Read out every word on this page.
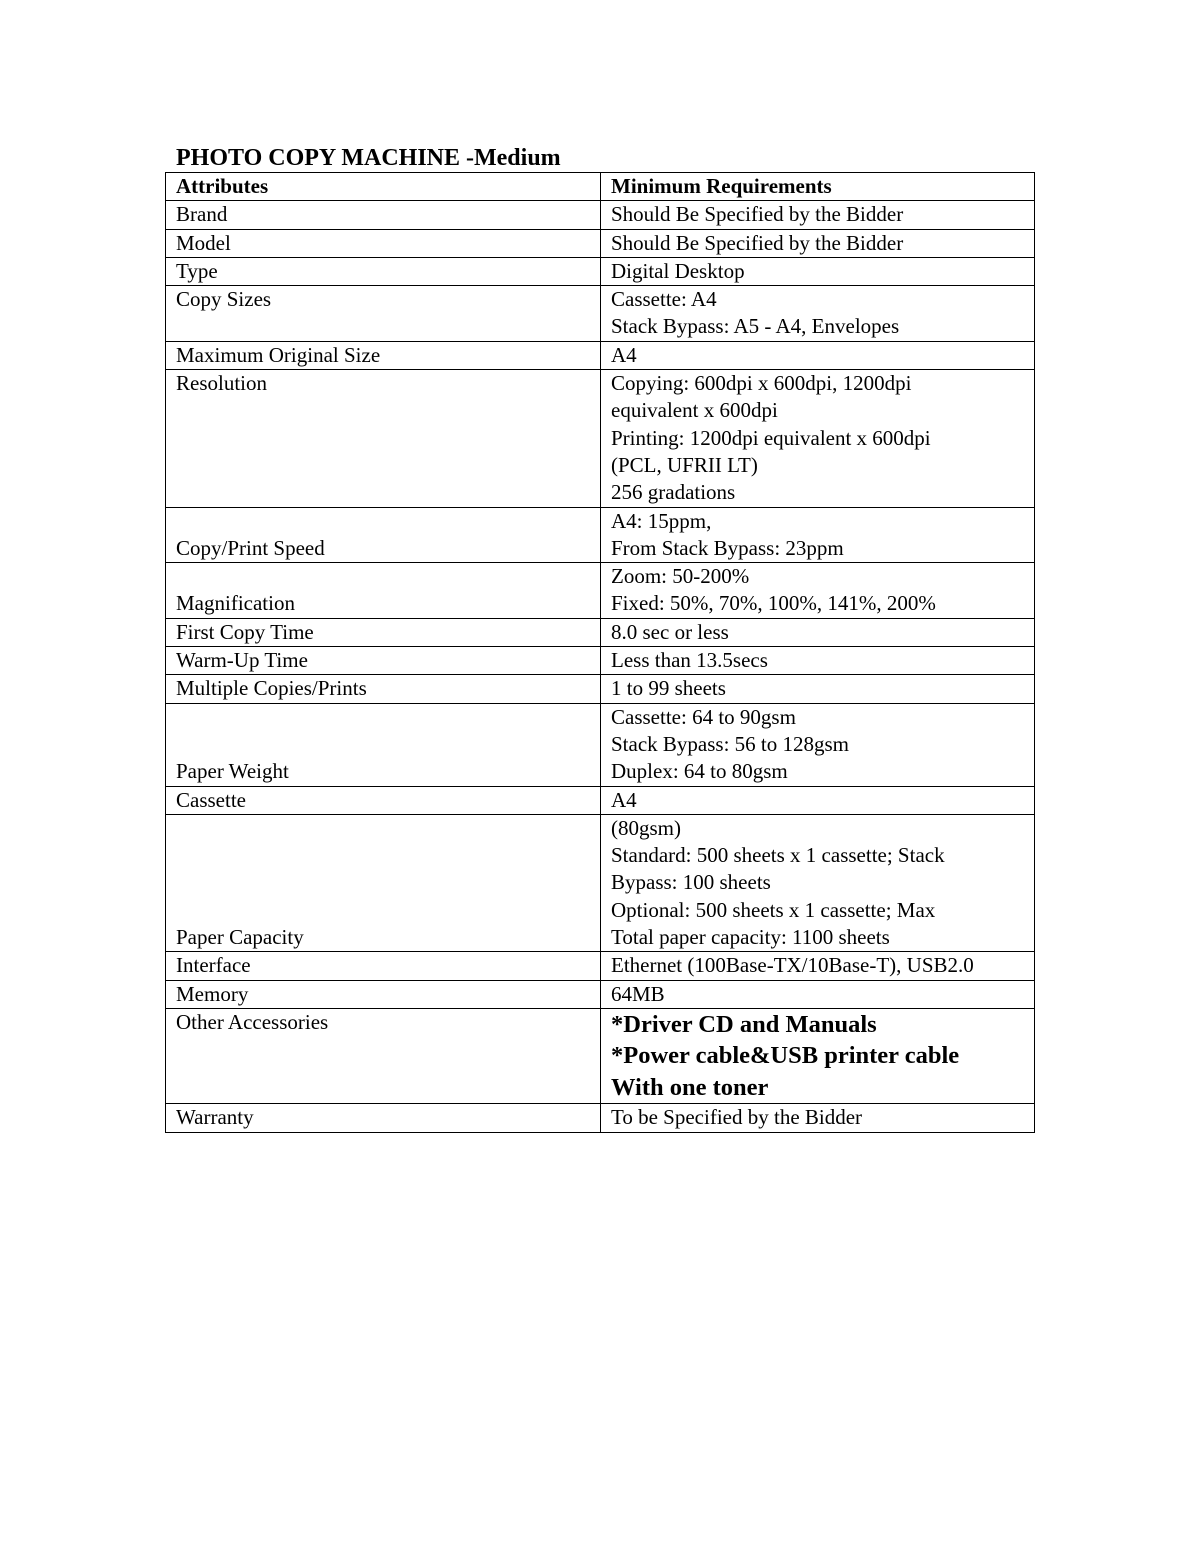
PHOTO COPY MACHINE -Medium
Attributes	Minimum Requirements
Brand	Should Be Specified by the Bidder

Model	Should Be Specified by the Bidder

Type	Digital Desktop

Copy Sizes	Cassette: A4
Stack Bypass: A5 - A4, Envelopes

Maximum Original Size	A4

Resolution	Copying: 600dpi x 600dpi, 1200dpi
equivalent x 600dpi
Printing: 1200dpi equivalent x 600dpi
(PCL, UFRII LT)
256 gradations

Copy/Print Speed	A4: 15ppm,
From Stack Bypass: 23ppm

Magnification	Zoom: 50-200%
Fixed: 50%, 70%, 100%, 141%, 200%

First Copy Time	8.0 sec or less

Warm-Up Time	Less than 13.5secs

Multiple Copies/Prints	1 to 99 sheets

Paper Weight	Cassette: 64 to 90gsm
Stack Bypass: 56 to 128gsm
Duplex: 64 to 80gsm

Cassette	A4

Paper Capacity	(80gsm)
Standard: 500 sheets x 1 cassette; Stack
Bypass: 100 sheets
Optional: 500 sheets x 1 cassette; Max
Total paper capacity: 1100 sheets

Interface	Ethernet (100Base-TX/10Base-T), USB2.0

Memory	64MB

Other Accessories	*Driver CD and Manuals
*Power cable&USB printer cable
With one toner

Warranty	To be Specified by the Bidder
